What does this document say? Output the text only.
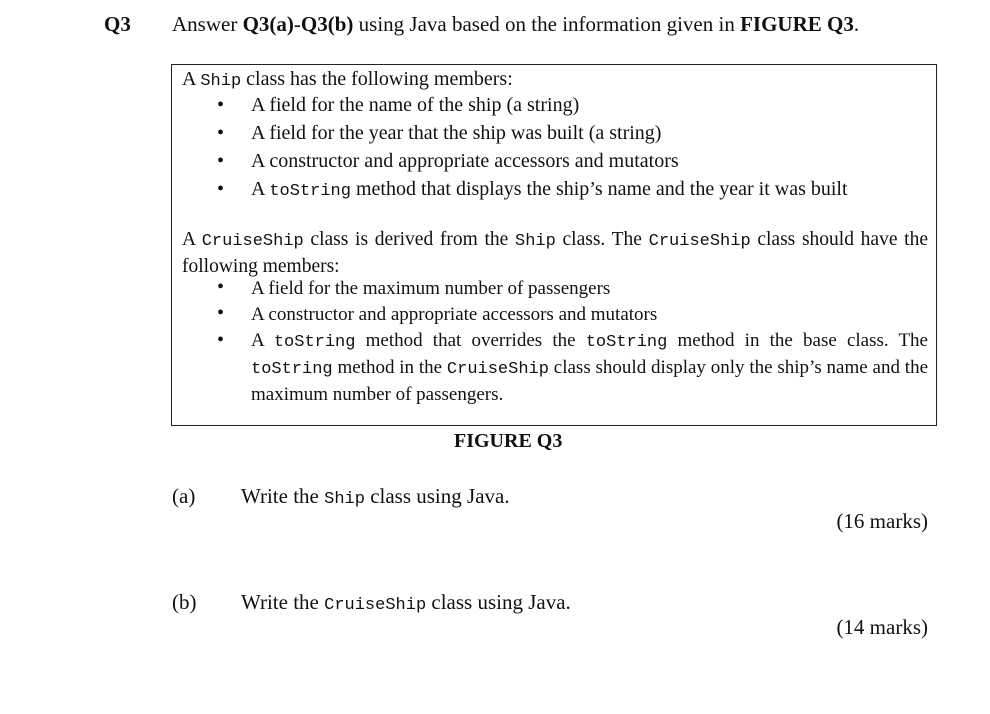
Q3 Answer Q3(a)-Q3(b) using Java based on the information given in FIGURE Q3.
A Ship class has the following members:
• A field for the name of the ship (a string)
• A field for the year that the ship was built (a string)
• A constructor and appropriate accessors and mutators
• A toString method that displays the ship’s name and the year it was built
A CruiseShip class is derived from the Ship class. The CruiseShip class should have the following members:
• A field for the maximum number of passengers
• A constructor and appropriate accessors and mutators
• A toString method that overrides the toString method in the base class. The toString method in the CruiseShip class should display only the ship’s name and the maximum number of passengers.
FIGURE Q3
(a) Write the Ship class using Java.
(16 marks)
(b) Write the CruiseShip class using Java.
(14 marks)
